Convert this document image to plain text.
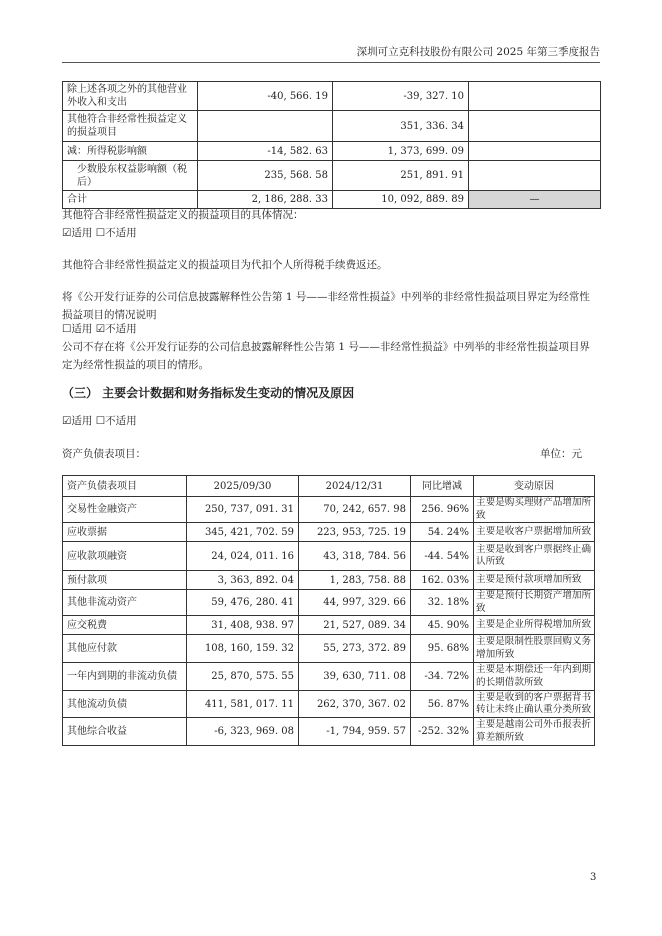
深圳可立克科技股份有限公司 2025 年第三季度报告
除上述各项之外的其他营业外收入和支出	-40, 566. 19	-39, 327. 10	
其他符合非经常性损益定义的损益项目		351, 336. 34	
减：所得税影响额	-14, 582. 63	1, 373, 699. 09	
少数股东权益影响额（税后）	235, 568. 58	251, 891. 91	
合计	2, 186, 288. 33	10, 092, 889. 89	—
其他符合非经常性损益定义的损益项目的具体情况：
☑适用 ☐不适用
其他符合非经常性损益定义的损益项目为代扣个人所得税手续费返还。
将《公开发行证券的公司信息披露解释性公告第 1 号——非经常性损益》中列举的非经常性损益项目界定为经常性损益项目的情况说明
☐适用 ☑不适用
公司不存在将《公开发行证券的公司信息披露解释性公告第 1 号——非经常性损益》中列举的非经常性损益项目界定为经常性损益的项目的情形。
（三） 主要会计数据和财务指标发生变动的情况及原因
☑适用 ☐不适用
资产负债表项目：	单位：元
资产负债表项目	2025/09/30	2024/12/31	同比增减	变动原因
交易性金融资产	250, 737, 091. 31	70, 242, 657. 98	256. 96%	主要是购买理财产品增加所致
应收票据	345, 421, 702. 59	223, 953, 725. 19	54. 24%	主要是收客户票据增加所致
应收款项融资	24, 024, 011. 16	43, 318, 784. 56	-44. 54%	主要是收到客户票据终止确认所致
预付款项	3, 363, 892. 04	1, 283, 758. 88	162. 03%	主要是预付款项增加所致
其他非流动资产	59, 476, 280. 41	44, 997, 329. 66	32. 18%	主要是预付长期资产增加所致
应交税费	31, 408, 938. 97	21, 527, 089. 34	45. 90%	主要是企业所得税增加所致
其他应付款	108, 160, 159. 32	55, 273, 372. 89	95. 68%	主要是限制性股票回购义务增加所致
一年内到期的非流动负债	25, 870, 575. 55	39, 630, 711. 08	-34. 72%	主要是本期偿还一年内到期的长期借款所致
其他流动负债	411, 581, 017. 11	262, 370, 367. 02	56. 87%	主要是收到的客户票据背书转让未终止确认重分类所致
其他综合收益	-6, 323, 969. 08	-1, 794, 959. 57	-252. 32%	主要是越南公司外币报表折算差额所致
3
